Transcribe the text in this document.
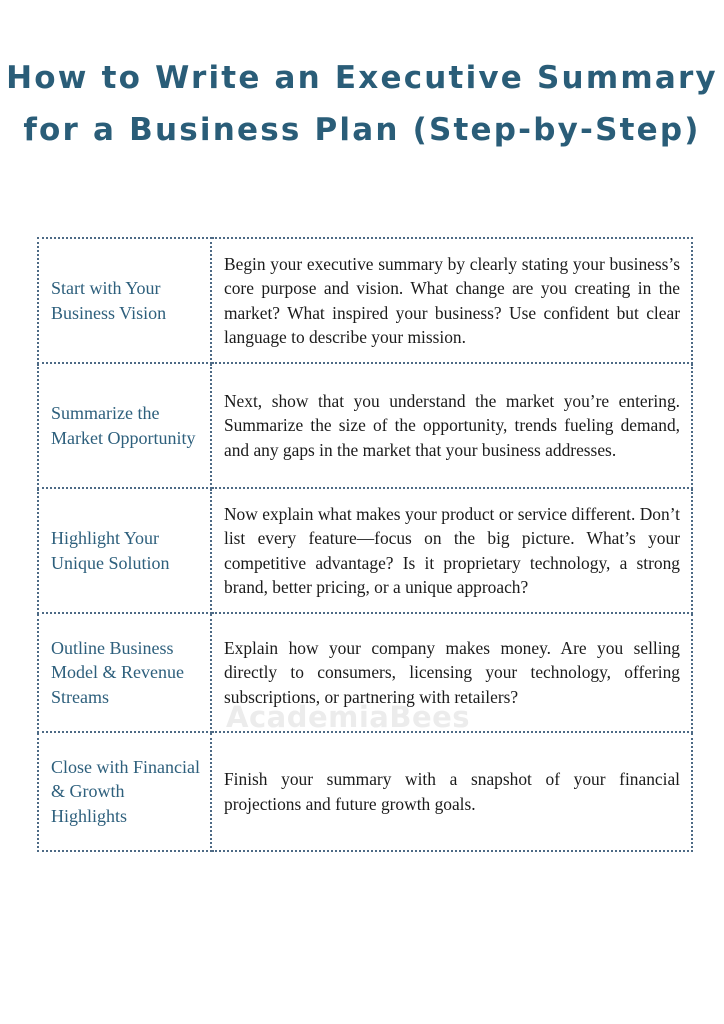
How to Write an Executive Summary
for a Business Plan (Step-by-Step)
Start with Your Business Vision	Begin your executive summary by clearly stating your business’s core purpose and vision. What change are you creating in the market? What inspired your business? Use confident but clear language to describe your mission.
Summarize the Market Opportunity	Next, show that you understand the market you’re entering. Summarize the size of the opportunity, trends fueling demand, and any gaps in the market that your business addresses.
Highlight Your Unique Solution	Now explain what makes your product or service different. Don’t list every feature—focus on the big picture. What’s your competitive advantage? Is it proprietary technology, a strong brand, better pricing, or a unique approach?
Outline Business Model & Revenue Streams	Explain how your company makes money. Are you selling directly to consumers, licensing your technology, offering subscriptions, or partnering with retailers?
Close with Financial & Growth Highlights	Finish your summary with a snapshot of your financial projections and future growth goals.
AcademiaBees
